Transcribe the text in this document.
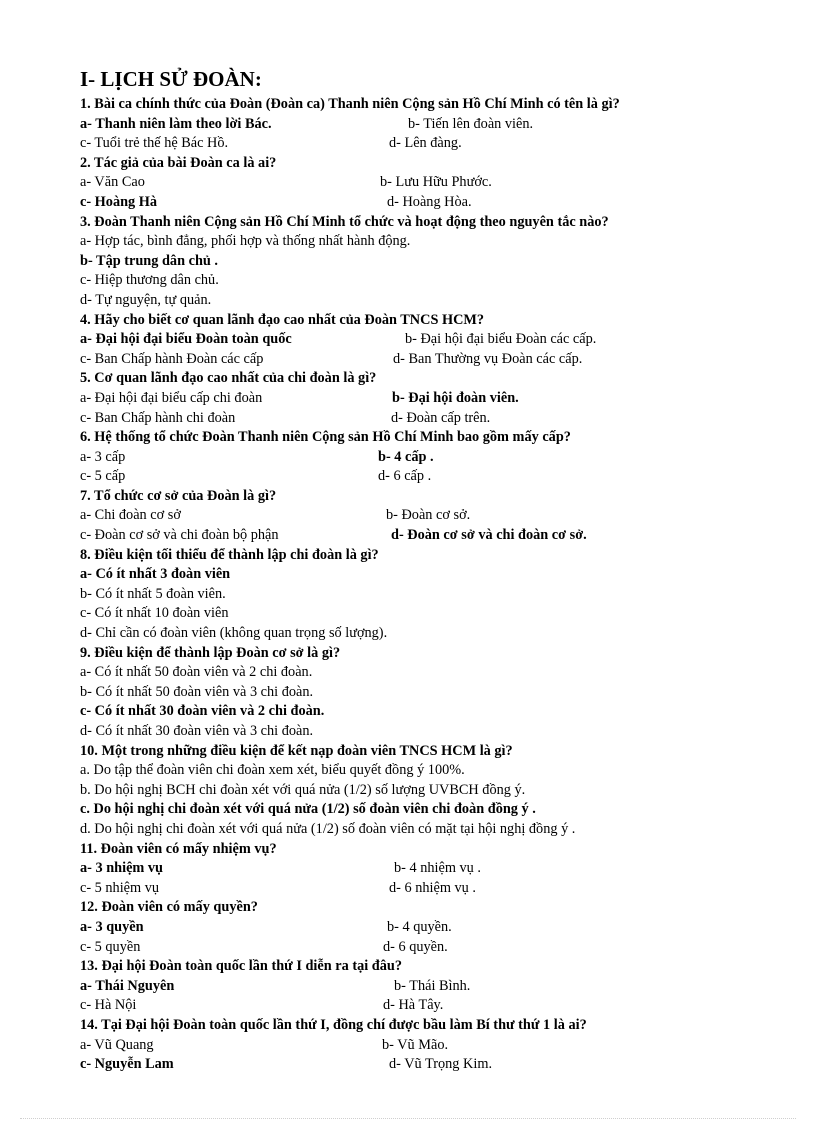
I- LỊCH SỬ ĐOÀN:
1. Bài ca chính thức của Đoàn (Đoàn ca) Thanh niên Cộng sản Hồ Chí Minh có tên là gì?
a- Thanh niên làm theo lời Bác.	b- Tiến lên đoàn viên.
c- Tuổi trẻ thế hệ Bác Hồ.	d- Lên đàng.
2. Tác giả của bài Đoàn ca là ai?
a- Văn Cao	b- Lưu Hữu Phước.
c- Hoàng Hà	d- Hoàng Hòa.
3. Đoàn Thanh niên Cộng sản Hồ Chí Minh tổ chức và hoạt động theo nguyên tắc nào?
a- Hợp tác, bình đẳng, phối hợp và thống nhất hành động.
b- Tập trung dân chủ .
c- Hiệp thương dân chủ.
d- Tự nguyện, tự quản.
4. Hãy cho biết cơ quan lãnh đạo cao nhất của Đoàn TNCS HCM?
a- Đại hội đại biểu Đoàn toàn quốc	b- Đại hội đại biểu Đoàn các cấp.
c- Ban Chấp hành Đoàn các cấp	d- Ban Thường vụ Đoàn các cấp.
5. Cơ quan lãnh đạo cao nhất của chi đoàn là gì?
a- Đại hội đại biểu cấp chi đoàn	b- Đại hội đoàn viên.
c- Ban Chấp hành chi đoàn	d- Đoàn cấp trên.
6. Hệ thống tổ chức Đoàn Thanh niên Cộng sản Hồ Chí Minh bao gồm mấy cấp?
a- 3 cấp	b- 4 cấp .
c- 5 cấp	d- 6 cấp .
7. Tổ chức cơ sở của Đoàn là gì?
a- Chi đoàn cơ sở	b- Đoàn cơ sở.
c- Đoàn cơ sở và chi đoàn bộ phận	d- Đoàn cơ sở và chi đoàn cơ sở.
8. Điều kiện tối thiểu để thành lập chi đoàn là gì?
a- Có ít nhất 3 đoàn viên
b- Có ít nhất 5 đoàn viên.
c- Có ít nhất 10 đoàn viên
d- Chỉ cần có đoàn viên (không quan trọng số lượng).
9. Điều kiện để thành lập Đoàn cơ sở là gì?
a- Có ít nhất 50 đoàn viên và 2 chi đoàn.
b- Có ít nhất 50 đoàn viên và 3 chi đoàn.
c- Có ít nhất 30 đoàn viên và 2 chi đoàn.
d- Có ít nhất 30 đoàn viên và 3 chi đoàn.
10. Một trong những điều kiện để kết nạp đoàn viên TNCS HCM là gì?
a. Do tập thể đoàn viên chi đoàn xem xét, biểu quyết đồng ý 100%.
b. Do hội nghị BCH chi đoàn xét với quá nửa (1/2) số lượng UVBCH đồng ý.
c. Do hội nghị chi đoàn xét với quá nửa (1/2) số đoàn viên chi đoàn đồng ý .
d. Do hội nghị chi đoàn xét với quá nửa (1/2) số đoàn viên có mặt tại hội nghị đồng ý .
11. Đoàn viên có mấy nhiệm vụ?
a- 3 nhiệm vụ	b- 4 nhiệm vụ .
c- 5 nhiệm vụ	d- 6 nhiệm vụ .
12. Đoàn viên có mấy quyền?
a- 3 quyền	b- 4 quyền.
c- 5 quyền	d- 6 quyền.
13. Đại hội Đoàn toàn quốc lần thứ I diễn ra tại đâu?
a- Thái Nguyên	b- Thái Bình.
c- Hà Nội	d- Hà Tây.
14. Tại Đại hội Đoàn toàn quốc lần thứ I, đồng chí được bầu làm Bí thư thứ 1 là ai?
a- Vũ Quang	b- Vũ Mão.
c- Nguyễn Lam	d- Vũ Trọng Kim.
